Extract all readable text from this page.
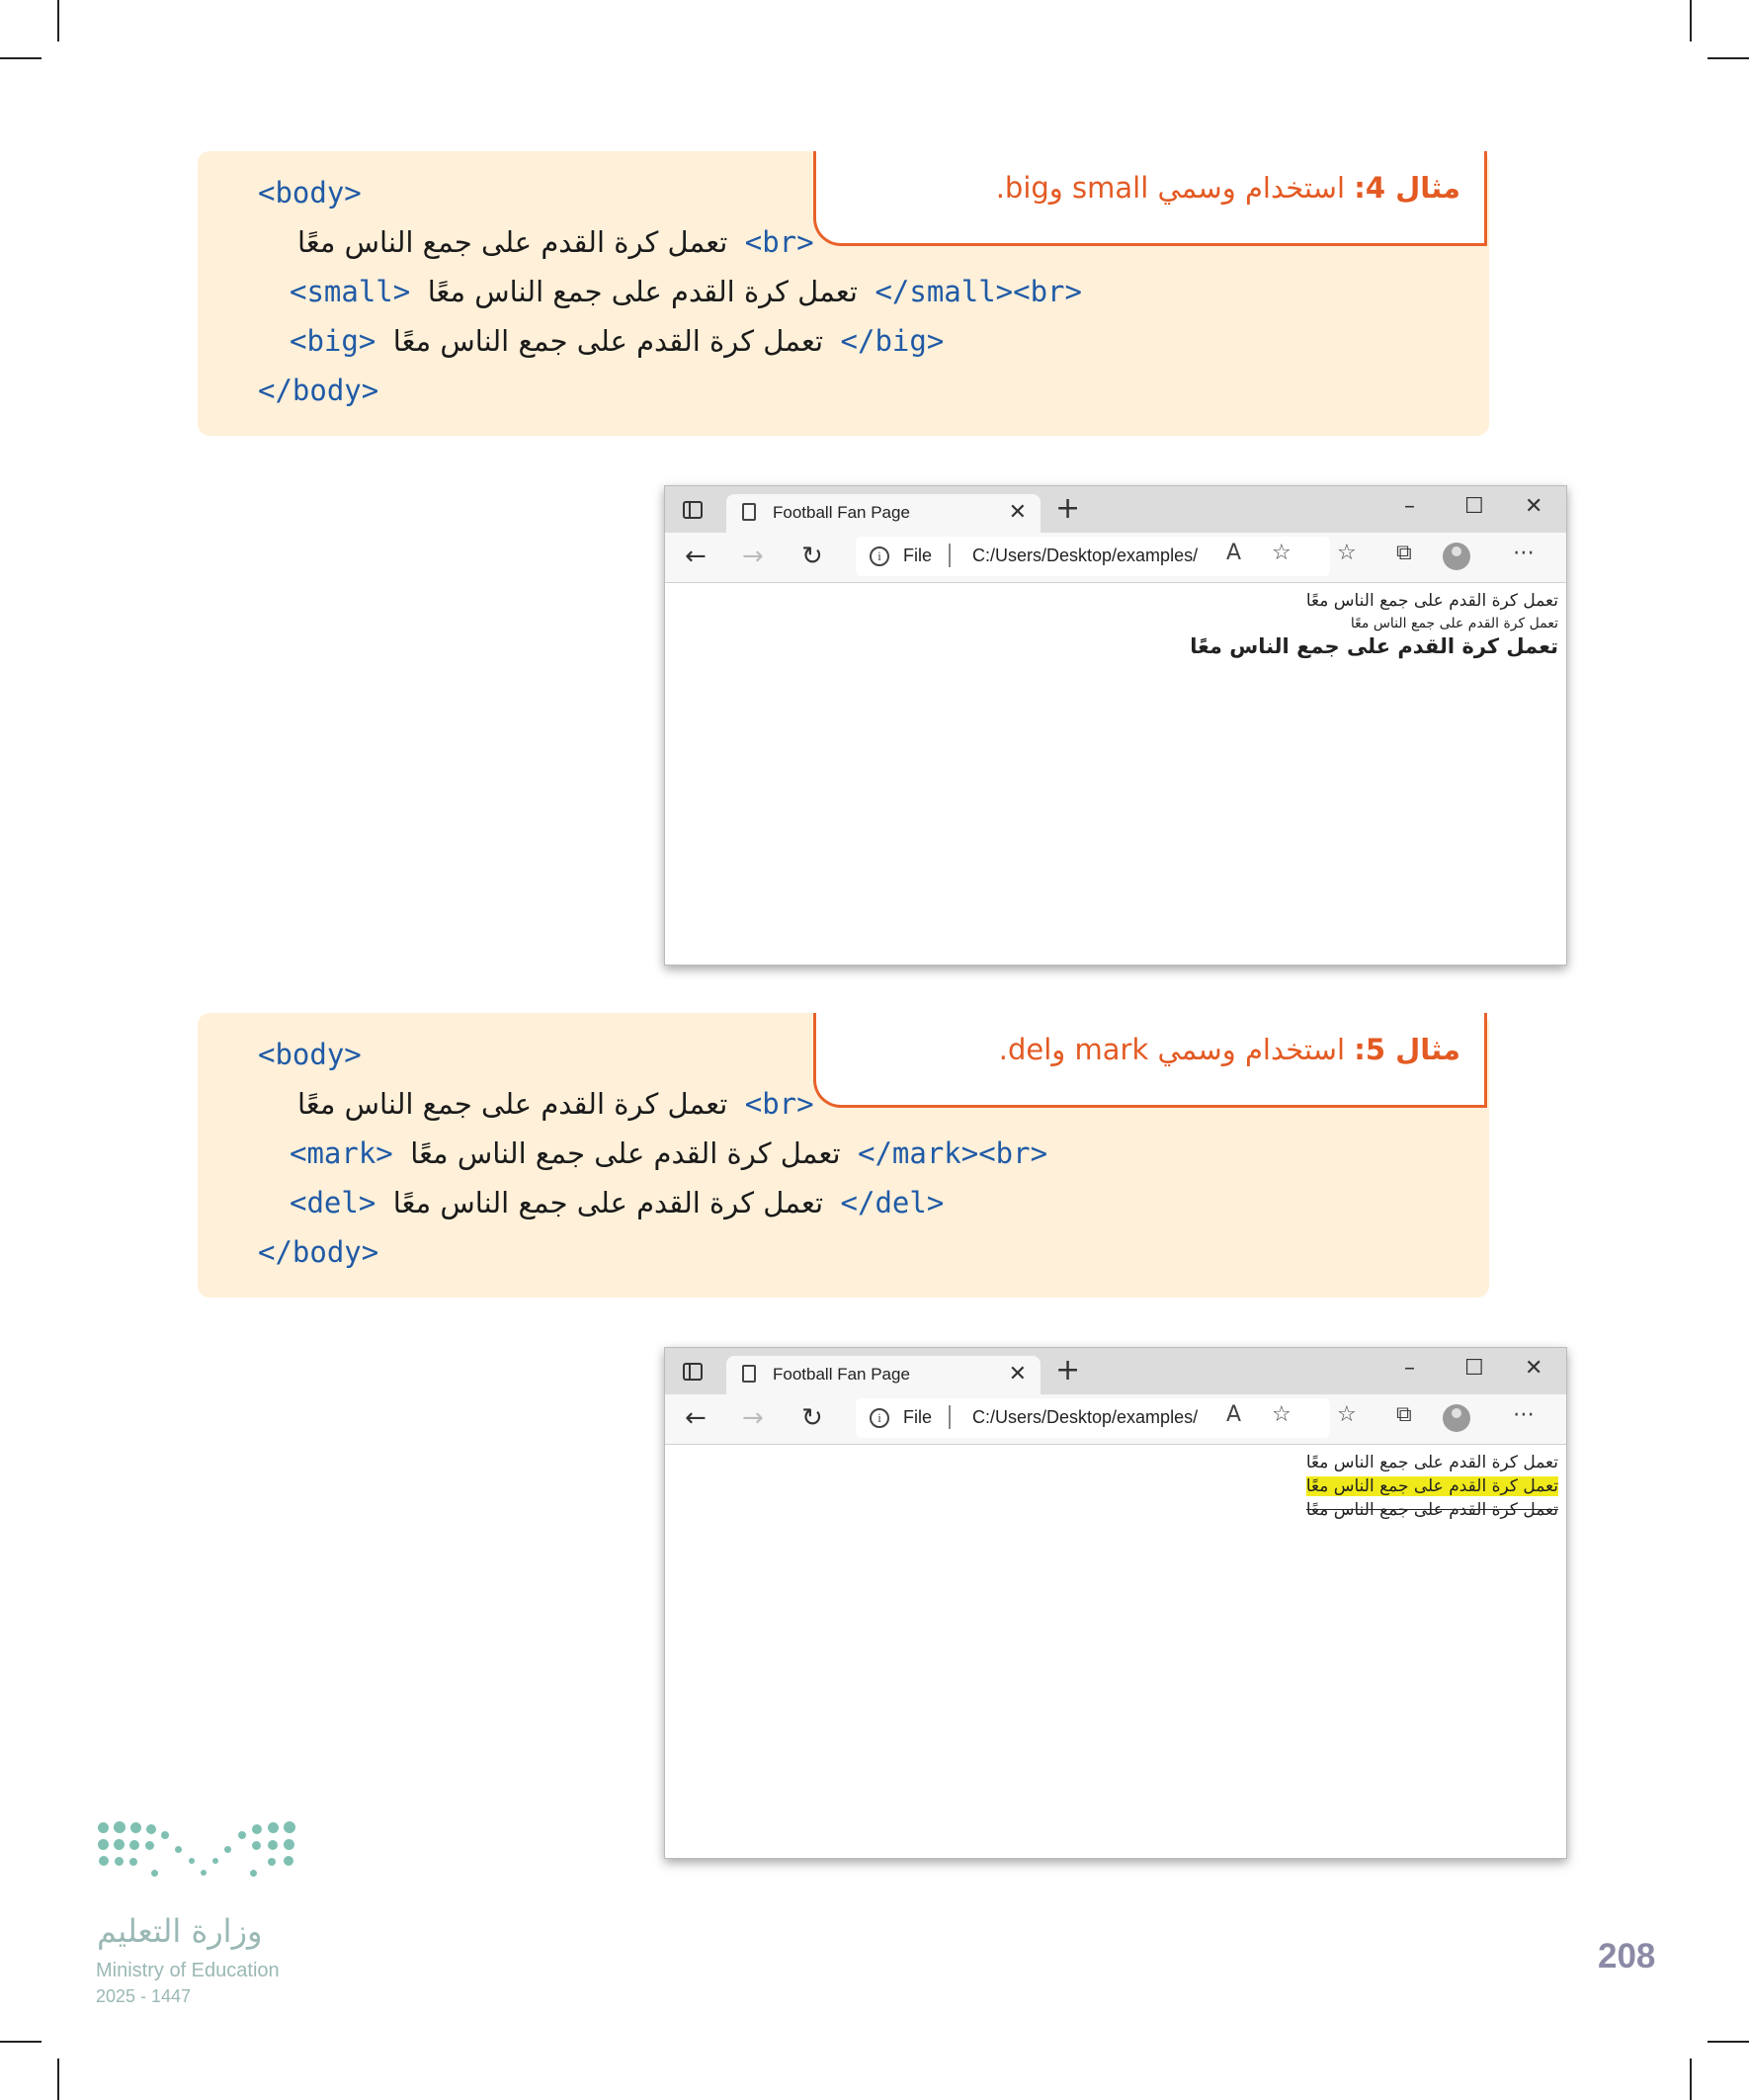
<body>
تعمل كرة القدم على جمع الناس معًا <br>
<small> تعمل كرة القدم على جمع الناس معًا </small><br>
<big> تعمل كرة القدم على جمع الناس معًا </big>
</body>
مثال 4: استخدام وسمي small وbig.
Football Fan Page	✕ +	– ☐ ✕
← → ↻	i	File C:/Users/Desktop/examples/ A ☆ ☆ ⧉	⋯
تعمل كرة القدم على جمع الناس معًا
تعمل كرة القدم على جمع الناس معًا
تعمل كرة القدم على جمع الناس معًا
<body>
تعمل كرة القدم على جمع الناس معًا <br>
<mark> تعمل كرة القدم على جمع الناس معًا </mark><br>
<del> تعمل كرة القدم على جمع الناس معًا </del>
</body>
مثال 5: استخدام وسمي mark وdel.
Football Fan Page	✕ +	– ☐ ✕
← → ↻	i	File C:/Users/Desktop/examples/ A ☆ ☆ ⧉	⋯
تعمل كرة القدم على جمع الناس معًا
تعمل كرة القدم على جمع الناس معًا
تعمل كرة القدم على جمع الناس معًا
وزارة التعليم
Ministry of Education
2025 - 1447
208
